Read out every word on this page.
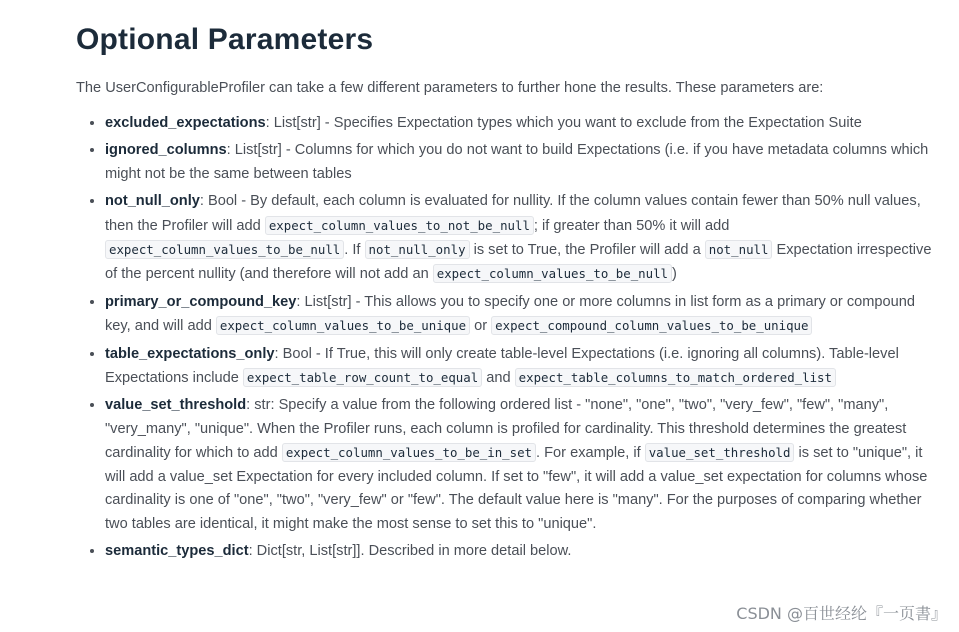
Optional Parameters

The UserConfigurableProfiler can take a few different parameters to further hone the results. These parameters are:

• excluded_expectations: List[str] - Specifies Expectation types which you want to exclude from the Expectation Suite
• ignored_columns: List[str] - Columns for which you do not want to build Expectations (i.e. if you have metadata columns which might not be the same between tables
• not_null_only: Bool - By default, each column is evaluated for nullity. If the column values contain fewer than 50% null values, then the Profiler will add expect_column_values_to_not_be_null ; if greater than 50% it will add expect_column_values_to_be_null . If not_null_only is set to True, the Profiler will add a not_null Expectation irrespective of the percent nullity (and therefore will not add an expect_column_values_to_be_null )
• primary_or_compound_key: List[str] - This allows you to specify one or more columns in list form as a primary or compound key, and will add expect_column_values_to_be_unique or expect_compound_column_values_to_be_unique
• table_expectations_only: Bool - If True, this will only create table-level Expectations (i.e. ignoring all columns). Table-level Expectations include expect_table_row_count_to_equal and expect_table_columns_to_match_ordered_list
• value_set_threshold: str: Specify a value from the following ordered list - "none", "one", "two", "very_few", "few", "many", "very_many", "unique". When the Profiler runs, each column is profiled for cardinality. This threshold determines the greatest cardinality for which to add expect_column_values_to_be_in_set . For example, if value_set_threshold is set to "unique", it will add a value_set Expectation for every included column. If set to "few", it will add a value_set expectation for columns whose cardinality is one of "one", "two", "very_few" or "few". The default value here is "many". For the purposes of comparing whether two tables are identical, it might make the most sense to set this to "unique".
• semantic_types_dict: Dict[str, List[str]]. Described in more detail below.
CSDN @百世经纶『一页書』
